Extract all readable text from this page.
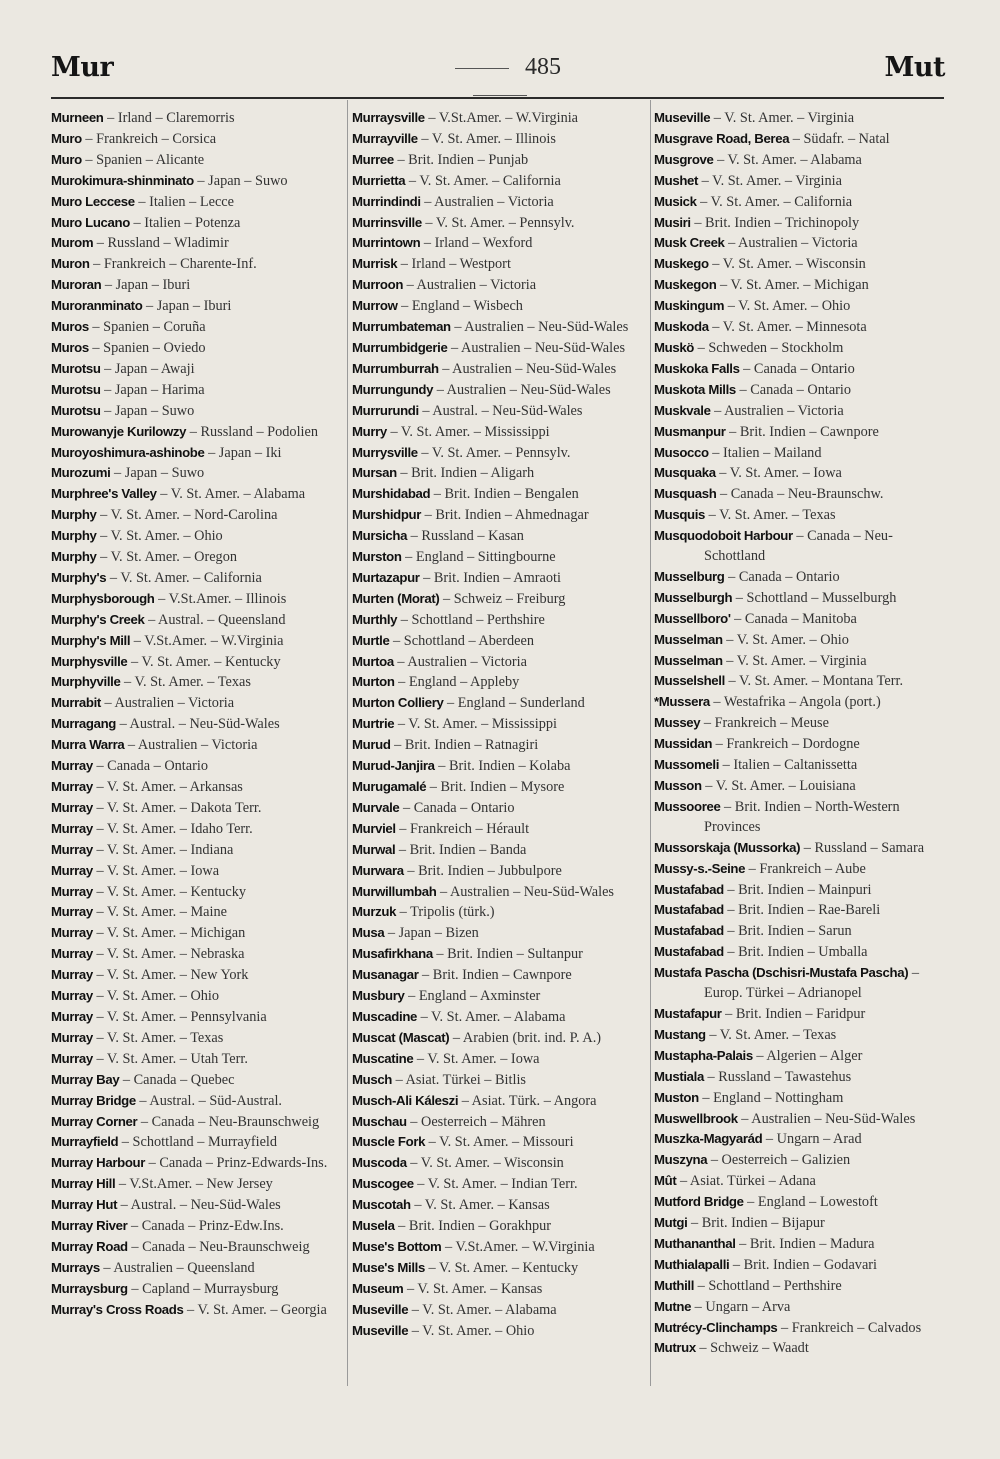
Mur	485	Mut
Murneen – Irland – Claremorris
Muro – Frankreich – Corsica
Muro – Spanien – Alicante
Murokimura-shinminato – Japan – Suwo
Muro Leccese – Italien – Lecce
Muro Lucano – Italien – Potenza
Murom – Russland – Wladimir
Muron – Frankreich – Charente-Inf.
Muroran – Japan – Iburi
Muroranminato – Japan – Iburi
Muros – Spanien – Coruña
Muros – Spanien – Oviedo
Murotsu – Japan – Awaji
Murotsu – Japan – Harima
Murotsu – Japan – Suwo
Murowanyje Kurilowzy – Russland – Podolien
Muroyoshimura-ashinobe – Japan – Iki
Murozumi – Japan – Suwo
Murphree's Valley – V. St. Amer. – Alabama
Murphy – V. St. Amer. – Nord-Carolina
Murphy – V. St. Amer. – Ohio
Murphy – V. St. Amer. – Oregon
Murphy's – V. St. Amer. – California
Murphysborough – V.St.Amer. – Illinois
Murphy's Creek – Austral. – Queensland
Murphy's Mill – V.St.Amer. – W.Virginia
Murphysville – V. St. Amer. – Kentucky
Murphyville – V. St. Amer. – Texas
Murrabit – Australien – Victoria
Murragang – Austral. – Neu-Süd-Wales
Murra Warra – Australien – Victoria
Murray – Canada – Ontario
Murray – V. St. Amer. – Arkansas
Murray – V. St. Amer. – Dakota Terr.
Murray – V. St. Amer. – Idaho Terr.
Murray – V. St. Amer. – Indiana
Murray – V. St. Amer. – Iowa
Murray – V. St. Amer. – Kentucky
Murray – V. St. Amer. – Maine
Murray – V. St. Amer. – Michigan
Murray – V. St. Amer. – Nebraska
Murray – V. St. Amer. – New York
Murray – V. St. Amer. – Ohio
Murray – V. St. Amer. – Pennsylvania
Murray – V. St. Amer. – Texas
Murray – V. St. Amer. – Utah Terr.
Murray Bay – Canada – Quebec
Murray Bridge – Austral. – Süd-Austral.
Murray Corner – Canada – Neu-Braunschweig
Murrayfield – Schottland – Murrayfield
Murray Harbour – Canada – Prinz-Edwards-Ins.
Murray Hill – V.St.Amer. – New Jersey
Murray Hut – Austral. – Neu-Süd-Wales
Murray River – Canada – Prinz-Edw.Ins.
Murray Road – Canada – Neu-Braunschweig
Murrays – Australien – Queensland
Murraysburg – Capland – Murraysburg
Murray's Cross Roads – V. St. Amer. – Georgia
Murraysville – V.St.Amer. – W.Virginia
Murrayville – V. St. Amer. – Illinois
Murree – Brit. Indien – Punjab
Murrietta – V. St. Amer. – California
Murrindindi – Australien – Victoria
Murrinsville – V. St. Amer. – Pennsylv.
Murrintown – Irland – Wexford
Murrisk – Irland – Westport
Murroon – Australien – Victoria
Murrow – England – Wisbech
Murrumbateman – Australien – Neu-Süd-Wales
Murrumbidgerie – Australien – Neu-Süd-Wales
Murrumburrah – Australien – Neu-Süd-Wales
Murrungundy – Australien – Neu-Süd-Wales
Murrurundi – Austral. – Neu-Süd-Wales
Murry – V. St. Amer. – Mississippi
Murrysville – V. St. Amer. – Pennsylv.
Mursan – Brit. Indien – Aligarh
Murshidabad – Brit. Indien – Bengalen
Murshidpur – Brit. Indien – Ahmednagar
Mursicha – Russland – Kasan
Murston – England – Sittingbourne
Murtazapur – Brit. Indien – Amraoti
Murten (Morat) – Schweiz – Freiburg
Murthly – Schottland – Perthshire
Murtle – Schottland – Aberdeen
Murtoa – Australien – Victoria
Murton – England – Appleby
Murton Colliery – England – Sunderland
Murtrie – V. St. Amer. – Mississippi
Murud – Brit. Indien – Ratnagiri
Murud-Janjira – Brit. Indien – Kolaba
Murugamalé – Brit. Indien – Mysore
Murvale – Canada – Ontario
Murviel – Frankreich – Hérault
Murwal – Brit. Indien – Banda
Murwara – Brit. Indien – Jubbulpore
Murwillumbah – Australien – Neu-Süd-Wales
Murzuk – Tripolis (türk.)
Musa – Japan – Bizen
Musafirkhana – Brit. Indien – Sultanpur
Musanagar – Brit. Indien – Cawnpore
Musbury – England – Axminster
Muscadine – V. St. Amer. – Alabama
Muscat (Mascat) – Arabien (brit. ind. P. A.)
Muscatine – V. St. Amer. – Iowa
Musch – Asiat. Türkei – Bitlis
Musch-Ali Káleszi – Asiat. Türk. – Angora
Muschau – Oesterreich – Mähren
Muscle Fork – V. St. Amer. – Missouri
Muscoda – V. St. Amer. – Wisconsin
Muscogee – V. St. Amer. – Indian Terr.
Muscotah – V. St. Amer. – Kansas
Musela – Brit. Indien – Gorakhpur
Muse's Bottom – V.St.Amer. – W.Virginia
Muse's Mills – V. St. Amer. – Kentucky
Museum – V. St. Amer. – Kansas
Museville – V. St. Amer. – Alabama
Museville – V. St. Amer. – Ohio
Museville – V. St. Amer. – Virginia
Musgrave Road, Berea – Südafr. – Natal
Musgrove – V. St. Amer. – Alabama
Mushet – V. St. Amer. – Virginia
Musick – V. St. Amer. – California
Musiri – Brit. Indien – Trichinopoly
Musk Creek – Australien – Victoria
Muskego – V. St. Amer. – Wisconsin
Muskegon – V. St. Amer. – Michigan
Muskingum – V. St. Amer. – Ohio
Muskoda – V. St. Amer. – Minnesota
Muskö – Schweden – Stockholm
Muskoka Falls – Canada – Ontario
Muskota Mills – Canada – Ontario
Muskvale – Australien – Victoria
Musmanpur – Brit. Indien – Cawnpore
Musocco – Italien – Mailand
Musquaka – V. St. Amer. – Iowa
Musquash – Canada – Neu-Braunschw.
Musquis – V. St. Amer. – Texas
Musquodoboit Harbour – Canada – Neu-Schottland
Musselburg – Canada – Ontario
Musselburgh – Schottland – Musselburgh
Mussellboro' – Canada – Manitoba
Musselman – V. St. Amer. – Ohio
Musselman – V. St. Amer. – Virginia
Musselshell – V. St. Amer. – Montana Terr.
*Mussera – Westafrika – Angola (port.)
Mussey – Frankreich – Meuse
Mussidan – Frankreich – Dordogne
Mussomeli – Italien – Caltanissetta
Musson – V. St. Amer. – Louisiana
Mussooree – Brit. Indien – North-Western Provinces
Mussorskaja (Mussorka) – Russland – Samara
Mussy-s.-Seine – Frankreich – Aube
Mustafabad – Brit. Indien – Mainpuri
Mustafabad – Brit. Indien – Rae-Bareli
Mustafabad – Brit. Indien – Sarun
Mustafabad – Brit. Indien – Umballa
Mustafa Pascha (Dschisri-Mustafa Pascha) – Europ. Türkei – Adrianopel
Mustafapur – Brit. Indien – Faridpur
Mustang – V. St. Amer. – Texas
Mustapha-Palais – Algerien – Alger
Mustiala – Russland – Tawastehus
Muston – England – Nottingham
Muswellbrook – Australien – Neu-Süd-Wales
Muszka-Magyarád – Ungarn – Arad
Muszyna – Oesterreich – Galizien
Mût – Asiat. Türkei – Adana
Mutford Bridge – England – Lowestoft
Mutgi – Brit. Indien – Bijapur
Muthananthal – Brit. Indien – Madura
Muthialapalli – Brit. Indien – Godavari
Muthill – Schottland – Perthshire
Mutne – Ungarn – Arva
Mutrécy-Clinchamps – Frankreich – Calvados
Mutrux – Schweiz – Waadt
